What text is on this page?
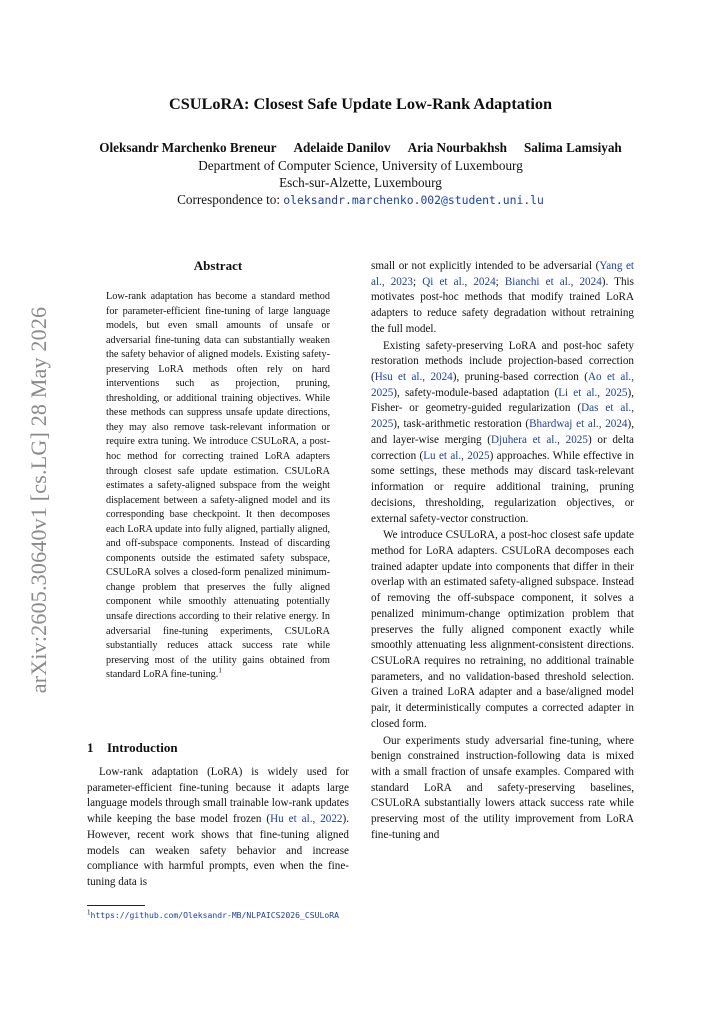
arXiv:2605.30640v1 [cs.LG] 28 May 2026
CSULoRA: Closest Safe Update Low-Rank Adaptation
Oleksandr Marchenko Breneur Adelaide Danilov Aria Nourbakhsh Salima Lamsiyah
Department of Computer Science, University of Luxembourg
Esch-sur-Alzette, Luxembourg
Correspondence to: oleksandr.marchenko.002@student.uni.lu
Abstract

Low-rank adaptation has become a standard method for parameter-efficient fine-tuning of large language models, but even small amounts of unsafe or adversarial fine-tuning data can substantially weaken the safety behavior of aligned models. Existing safety-preserving LoRA methods often rely on hard interventions such as projection, pruning, thresholding, or additional training objectives. While these methods can suppress unsafe update directions, they may also remove task-relevant information or require extra tuning. We introduce CSULoRA, a post-hoc method for correcting trained LoRA adapters through closest safe update estimation. CSULoRA estimates a safety-aligned subspace from the weight displacement between a safety-aligned model and its corresponding base checkpoint. It then decomposes each LoRA update into fully aligned, partially aligned, and off-subspace components. Instead of discarding components outside the estimated safety subspace, CSULoRA solves a closed-form penalized minimum-change problem that preserves the fully aligned component while smoothly attenuating potentially unsafe directions according to their relative energy. In adversarial fine-tuning experiments, CSULoRA substantially reduces attack success rate while preserving most of the utility gains obtained from standard LoRA fine-tuning.$^1$

1 Introduction

Low-rank adaptation (LoRA) is widely used for parameter-efficient fine-tuning because it adapts large language models through small trainable low-rank updates while keeping the base model frozen (Hu et al., 2022). However, recent work shows that fine-tuning aligned models can weaken safety behavior and increase compliance with harmful prompts, even when the fine-tuning data is

small or not explicitly intended to be adversarial (Yang et al., 2023; Qi et al., 2024; Bianchi et al., 2024). This motivates post-hoc methods that modify trained LoRA adapters to reduce safety degradation without retraining the full model.

Existing safety-preserving LoRA and post-hoc safety restoration methods include projection-based correction (Hsu et al., 2024), pruning-based correction (Ao et al., 2025), safety-module-based adaptation (Li et al., 2025), Fisher- or geometry-guided regularization (Das et al., 2025), task-arithmetic restoration (Bhardwaj et al., 2024), and layer-wise merging (Djuhera et al., 2025) or delta correction (Lu et al., 2025) approaches. While effective in some settings, these methods may discard task-relevant information or require additional training, pruning decisions, thresholding, regularization objectives, or external safety-vector construction.

We introduce CSULoRA, a post-hoc closest safe update method for LoRA adapters. CSULoRA decomposes each trained adapter update into components that differ in their overlap with an estimated safety-aligned subspace. Instead of removing the off-subspace component, it solves a penalized minimum-change optimization problem that preserves the fully aligned component exactly while smoothly attenuating less alignment-consistent directions. CSULoRA requires no retraining, no additional trainable parameters, and no validation-based threshold selection. Given a trained LoRA adapter and a base/aligned model pair, it deterministically computes a corrected adapter in closed form.

Our experiments study adversarial fine-tuning, where benign constrained instruction-following data is mixed with a small fraction of unsafe examples. Compared with standard LoRA and safety-preserving baselines, CSULoRA substantially lowers attack success rate while preserving most of the utility improvement from LoRA fine-tuning and

$^1$https://github.com/Oleksandr-MB/NLPAICS2026_CSULoRA
